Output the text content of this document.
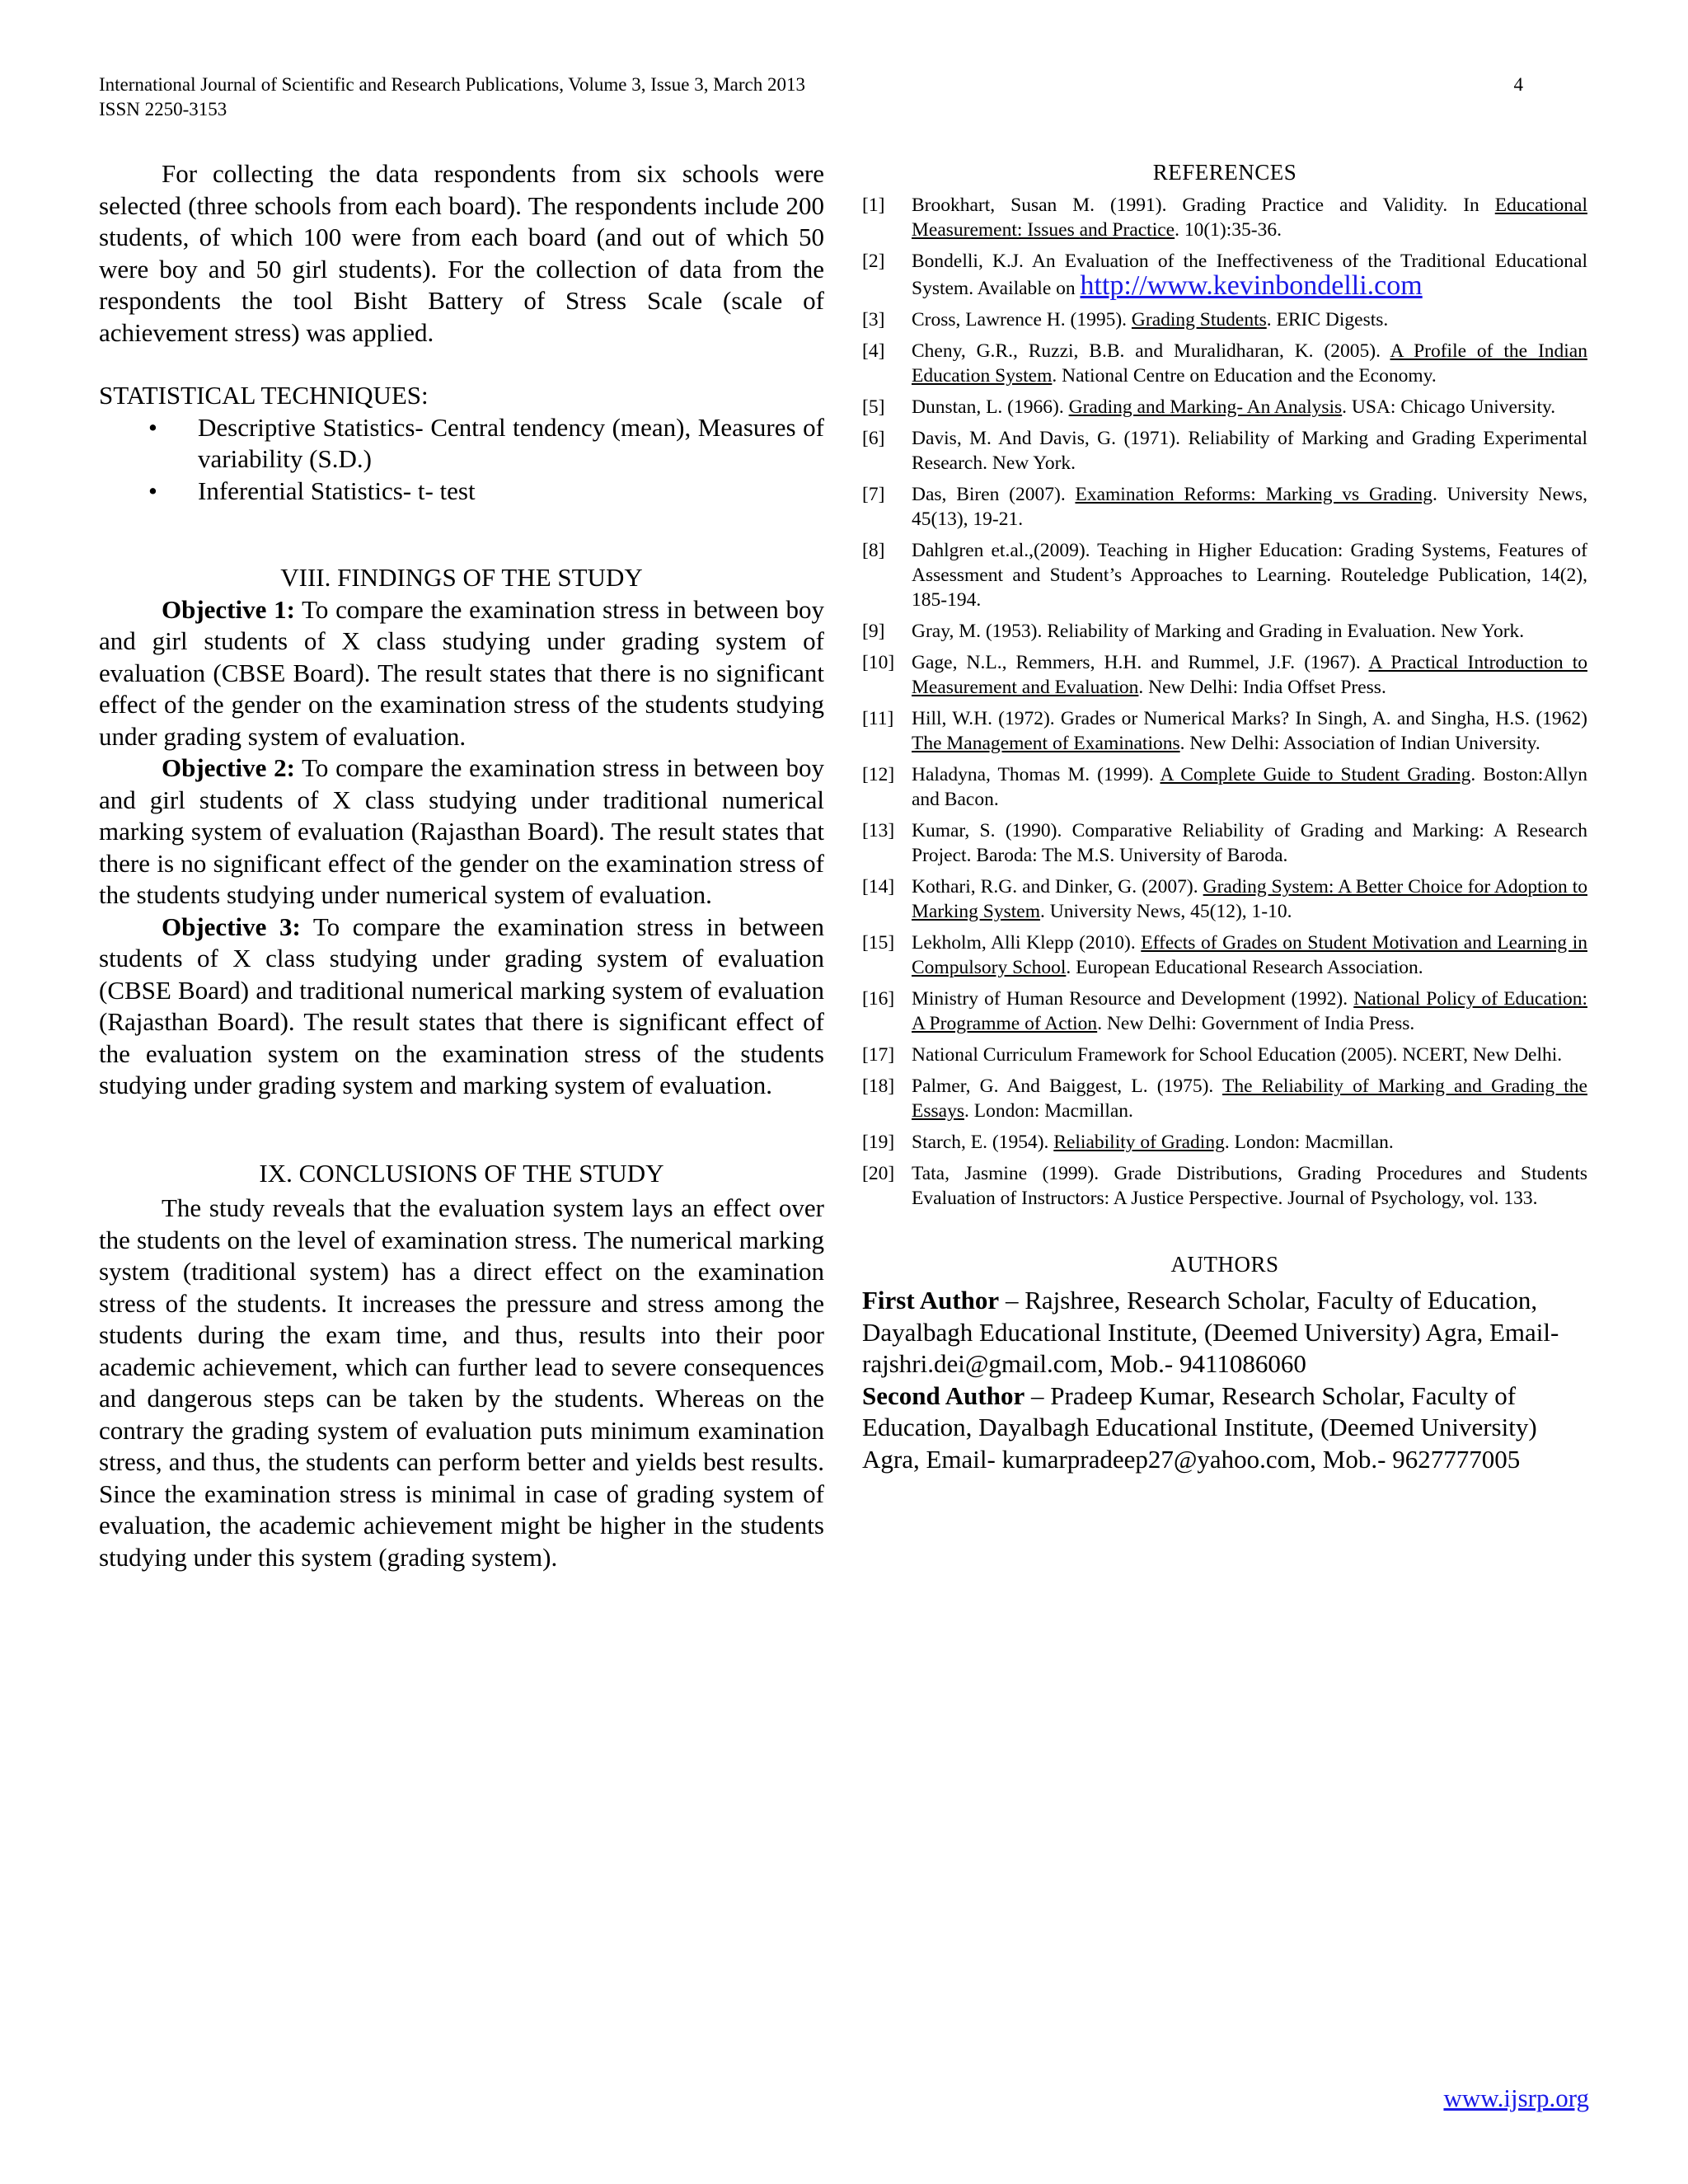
International Journal of Scientific and Research Publications, Volume 3, Issue 3, March 2013	4
ISSN 2250-3153

For collecting the data respondents from six schools were selected (three schools from each board). The respondents include 200 students, of which 100 were from each board (and out of which 50 were boy and 50 girl students). For the collection of data from the respondents the tool Bisht Battery of Stress Scale (scale of achievement stress) was applied.

STATISTICAL TECHNIQUES:

• Descriptive Statistics- Central tendency (mean), Measures of variability (S.D.)
• Inferential Statistics- t- test

VIII. FINDINGS OF THE STUDY

Objective 1: To compare the examination stress in between boy and girl students of X class studying under grading system of evaluation (CBSE Board). The result states that there is no significant effect of the gender on the examination stress of the students studying under grading system of evaluation.

Objective 2: To compare the examination stress in between boy and girl students of X class studying under traditional numerical marking system of evaluation (Rajasthan Board). The result states that there is no significant effect of the gender on the examination stress of the students studying under numerical system of evaluation.

Objective 3: To compare the examination stress in between students of X class studying under grading system of evaluation (CBSE Board) and traditional numerical marking system of evaluation (Rajasthan Board). The result states that there is significant effect of the evaluation system on the examination stress of the students studying under grading system and marking system of evaluation.

IX. CONCLUSIONS OF THE STUDY

The study reveals that the evaluation system lays an effect over the students on the level of examination stress. The numerical marking system (traditional system) has a direct effect on the examination stress of the students. It increases the pressure and stress among the students during the exam time, and thus, results into their poor academic achievement, which can further lead to severe consequences and dangerous steps can be taken by the students. Whereas on the contrary the grading system of evaluation puts minimum examination stress, and thus, the students can perform better and yields best results. Since the examination stress is minimal in case of grading system of evaluation, the academic achievement might be higher in the students studying under this system (grading system).

REFERENCES
[1]	Brookhart, Susan M. (1991). Grading Practice and Validity. In Educational Measurement: Issues and Practice. 10(1):35-36.
[2]	Bondelli, K.J. An Evaluation of the Ineffectiveness of the Traditional Educational System. Available on http://www.kevinbondelli.com
[3]	Cross, Lawrence H. (1995). Grading Students. ERIC Digests.
[4]	Cheny, G.R., Ruzzi, B.B. and Muralidharan, K. (2005). A Profile of the Indian Education System. National Centre on Education and the Economy.
[5]	Dunstan, L. (1966). Grading and Marking- An Analysis. USA: Chicago University.
[6]	Davis, M. And Davis, G. (1971). Reliability of Marking and Grading Experimental Research. New York.
[7]	Das, Biren (2007). Examination Reforms: Marking vs Grading. University News, 45(13), 19-21.
[8]	Dahlgren et.al.,(2009). Teaching in Higher Education: Grading Systems, Features of Assessment and Student’s Approaches to Learning. Routeledge Publication, 14(2), 185-194.
[9]	Gray, M. (1953). Reliability of Marking and Grading in Evaluation. New York.
[10] Gage, N.L., Remmers, H.H. and Rummel, J.F. (1967). A Practical Introduction to Measurement and Evaluation. New Delhi: India Offset Press.
[11] Hill, W.H. (1972). Grades or Numerical Marks? In Singh, A. and Singha, H.S. (1962) The Management of Examinations. New Delhi: Association of Indian University.
[12] Haladyna, Thomas M. (1999). A Complete Guide to Student Grading. Boston:Allyn and Bacon.
[13] Kumar, S. (1990). Comparative Reliability of Grading and Marking: A Research Project. Baroda: The M.S. University of Baroda.
[14] Kothari, R.G. and Dinker, G. (2007). Grading System: A Better Choice for Adoption to Marking System. University News, 45(12), 1-10.
[15] Lekholm, Alli Klepp (2010). Effects of Grades on Student Motivation and Learning in Compulsory School. European Educational Research Association.
[16] Ministry of Human Resource and Development (1992). National Policy of Education: A Programme of Action. New Delhi: Government of India Press.
[17] National Curriculum Framework for School Education (2005). NCERT, New Delhi.
[18] Palmer, G. And Baiggest, L. (1975). The Reliability of Marking and Grading the Essays. London: Macmillan.
[19] Starch, E. (1954). Reliability of Grading. London: Macmillan.
[20] Tata, Jasmine (1999). Grade Distributions, Grading Procedures and Students Evaluation of Instructors: A Justice Perspective. Journal of Psychology, vol. 133.
AUTHORS

First Author – Rajshree, Research Scholar, Faculty of Education, Dayalbagh Educational Institute, (Deemed University) Agra, Email- rajshri.dei@gmail.com, Mob.- 9411086060

Second Author – Pradeep Kumar, Research Scholar, Faculty of Education, Dayalbagh Educational Institute, (Deemed University) Agra, Email- kumarpradeep27@yahoo.com, Mob.- 9627777005

www.ijsrp.org
